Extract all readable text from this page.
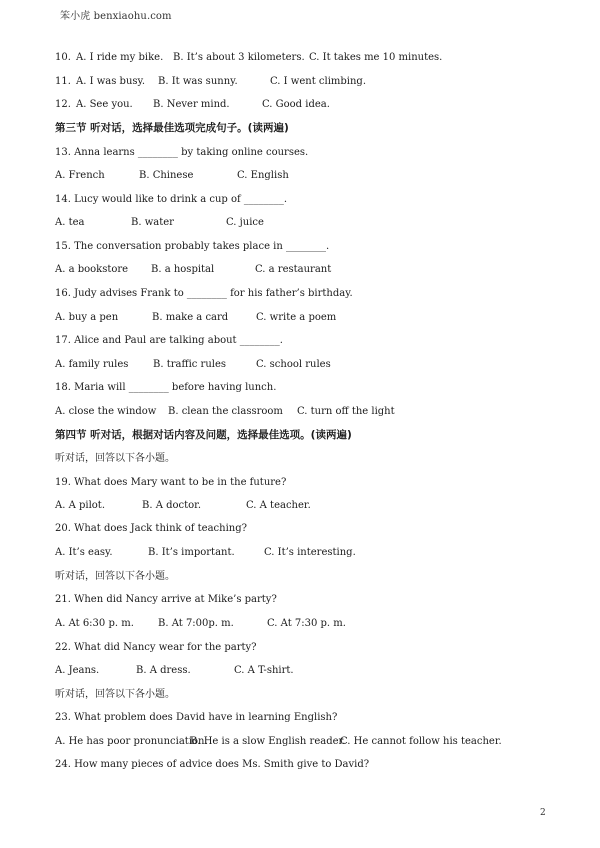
笨小虎 benxiaohu.com
10. A. I ride my bike. B. It’s about 3 kilometers. C. It takes me 10 minutes.
11. A. I was busy. B. It was sunny.	C. I went climbing.
12. A. See you. B. Never mind.	C. Good idea.
第三节 听对话，选择最佳选项完成句子。(读两遍)
13. Anna learns ________ by taking online courses.
A. French	B. Chinese	C. English
14. Lucy would like to drink a cup of ________.
A. tea	B. water	C. juice
15. The conversation probably takes place in ________.
A. a bookstore B. a hospital	C. a restaurant
16. Judy advises Frank to ________ for his father’s birthday.
A. buy a pen	B. make a card	C. write a poem
17. Alice and Paul are talking about ________.
A. family rules B. traffic rules	C. school rules
18. Maria will ________ before having lunch.
A. close the window B. clean the classroom C. turn off the light
第四节 听对话，根据对话内容及问题，选择最佳选项。(读两遍)
听对话，回答以下各小题。
19. What does Mary want to be in the future?
A. A pilot.	B. A doctor.	C. A teacher.
20. What does Jack think of teaching?
A. It’s easy.	B. It’s important.	C. It’s interesting.
听对话，回答以下各小题。
21. When did Nancy arrive at Mike’s party?
A. At 6:30 p. m. B. At 7:00p. m.	C. At 7:30 p. m.
22. What did Nancy wear for the party?
A. Jeans.	B. A dress.	C. A T-shirt.
听对话，回答以下各小题。
23. What problem does David have in learning English?
A. He has poor pronunciation.
B. He is a slow English reader.
C. He cannot follow his teacher.
24. How many pieces of advice does Ms. Smith give to David?
2
